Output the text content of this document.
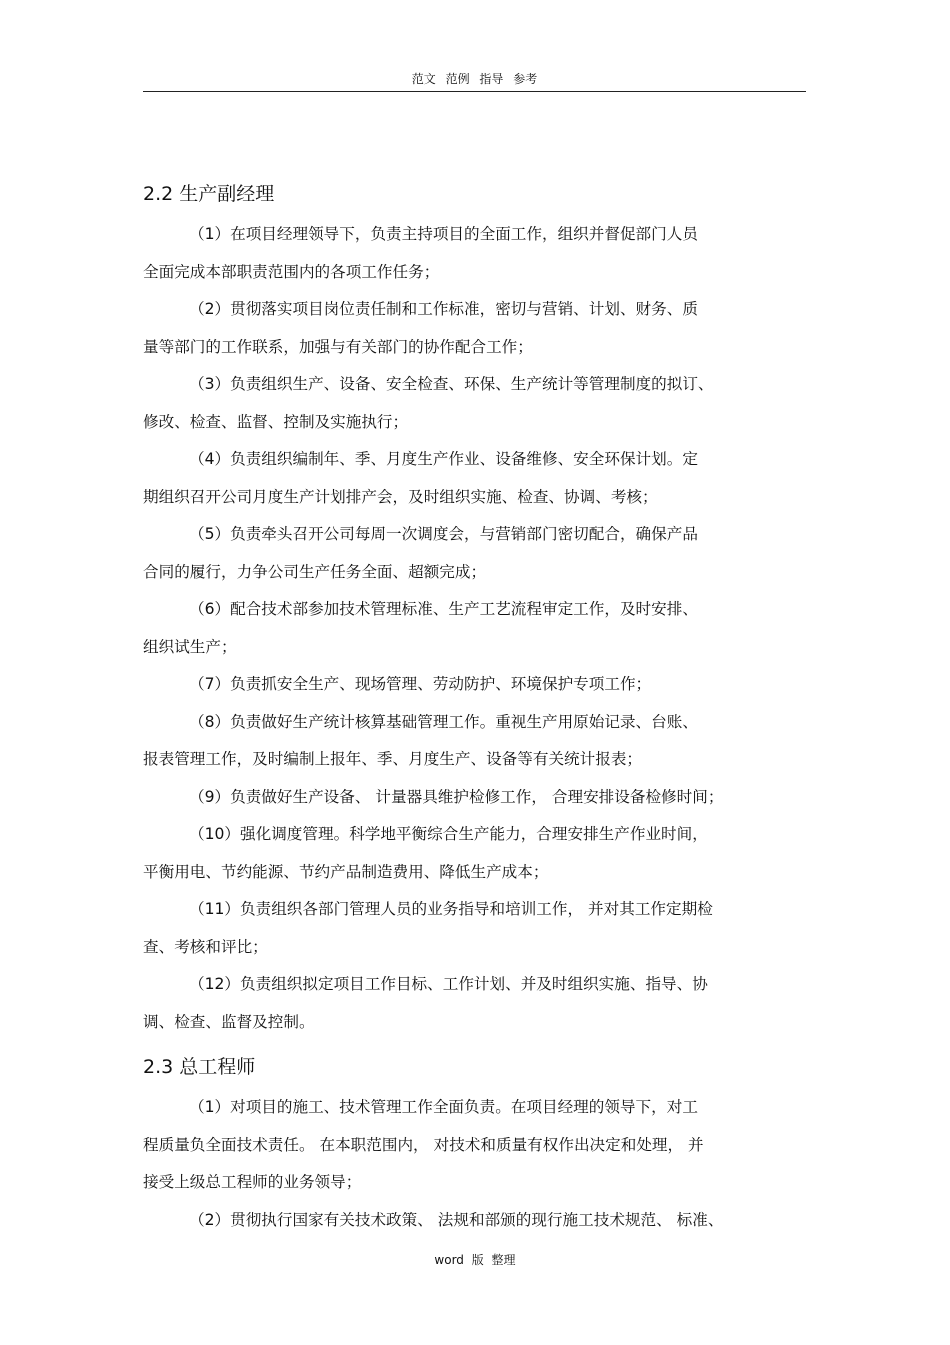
范文 范例 指导 参考
2.2 生产副经理
（1）在项目经理领导下，负责主持项目的全面工作，组织并督促部门人员
全面完成本部职责范围内的各项工作任务；
（2）贯彻落实项目岗位责任制和工作标准，密切与营销、计划、财务、质
量等部门的工作联系，加强与有关部门的协作配合工作；
（3）负责组织生产、设备、安全检查、环保、生产统计等管理制度的拟订、
修改、检查、监督、控制及实施执行；
（4）负责组织编制年、季、月度生产作业、设备维修、安全环保计划。定
期组织召开公司月度生产计划排产会，及时组织实施、检查、协调、考核；
（5）负责牵头召开公司每周一次调度会，与营销部门密切配合，确保产品
合同的履行，力争公司生产任务全面、超额完成；
（6）配合技术部参加技术管理标准、生产工艺流程审定工作，及时安排、
组织试生产；
（7）负责抓安全生产、现场管理、劳动防护、环境保护专项工作；
（8）负责做好生产统计核算基础管理工作。重视生产用原始记录、台账、
报表管理工作，及时编制上报年、季、月度生产、设备等有关统计报表；
（9）负责做好生产设备、 计量器具维护检修工作， 合理安排设备检修时间；
（10）强化调度管理。科学地平衡综合生产能力，合理安排生产作业时间，
平衡用电、节约能源、节约产品制造费用、降低生产成本；
（11）负责组织各部门管理人员的业务指导和培训工作， 并对其工作定期检
查、考核和评比；
（12）负责组织拟定项目工作目标、工作计划、并及时组织实施、指导、协
调、检查、监督及控制。
2.3 总工程师
（1）对项目的施工、技术管理工作全面负责。在项目经理的领导下，对工
程质量负全面技术责任。 在本职范围内， 对技术和质量有权作出决定和处理， 并
接受上级总工程师的业务领导；
（2）贯彻执行国家有关技术政策、 法规和部颁的现行施工技术规范、 标准、
word 版 整理
